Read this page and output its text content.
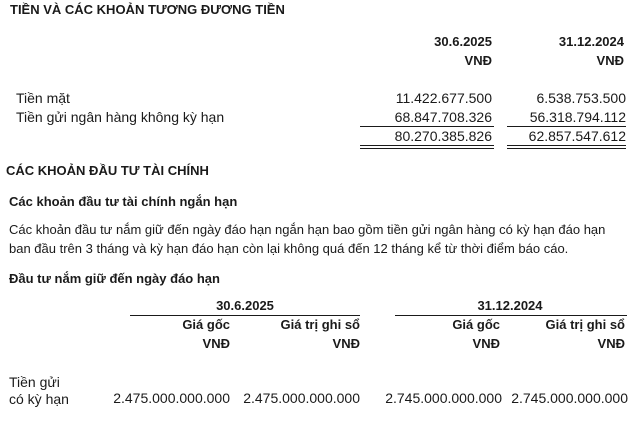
TIỀN VÀ CÁC KHOẢN TƯƠNG ĐƯƠNG TIỀN
30.6.2025	31.12.2024
VNĐ	VNĐ
Tiền mặt	11.422.677.500	6.538.753.500
Tiền gửi ngân hàng không kỳ hạn	68.847.708.326	56.318.794.112
80.270.385.826	62.857.547.612
CÁC KHOẢN ĐẦU TƯ TÀI CHÍNH
Các khoản đầu tư tài chính ngắn hạn
Các khoản đầu tư nắm giữ đến ngày đáo hạn ngắn hạn bao gồm tiền gửi ngân hàng có kỳ hạn đáo hạn
ban đầu trên 3 tháng và kỳ hạn đáo hạn còn lại không quá đến 12 tháng kể từ thời điểm báo cáo.
Đầu tư nắm giữ đến ngày đáo hạn
30.6.2025	31.12.2024
Giá gốc	Giá trị ghi sổ	Giá gốc	Giá trị ghi sổ
VNĐ	VNĐ	VNĐ	VNĐ
Tiền gửi
có kỳ hạn	2.475.000.000.000 2.475.000.000.000	2.745.000.000.000 2.745.000.000.000
